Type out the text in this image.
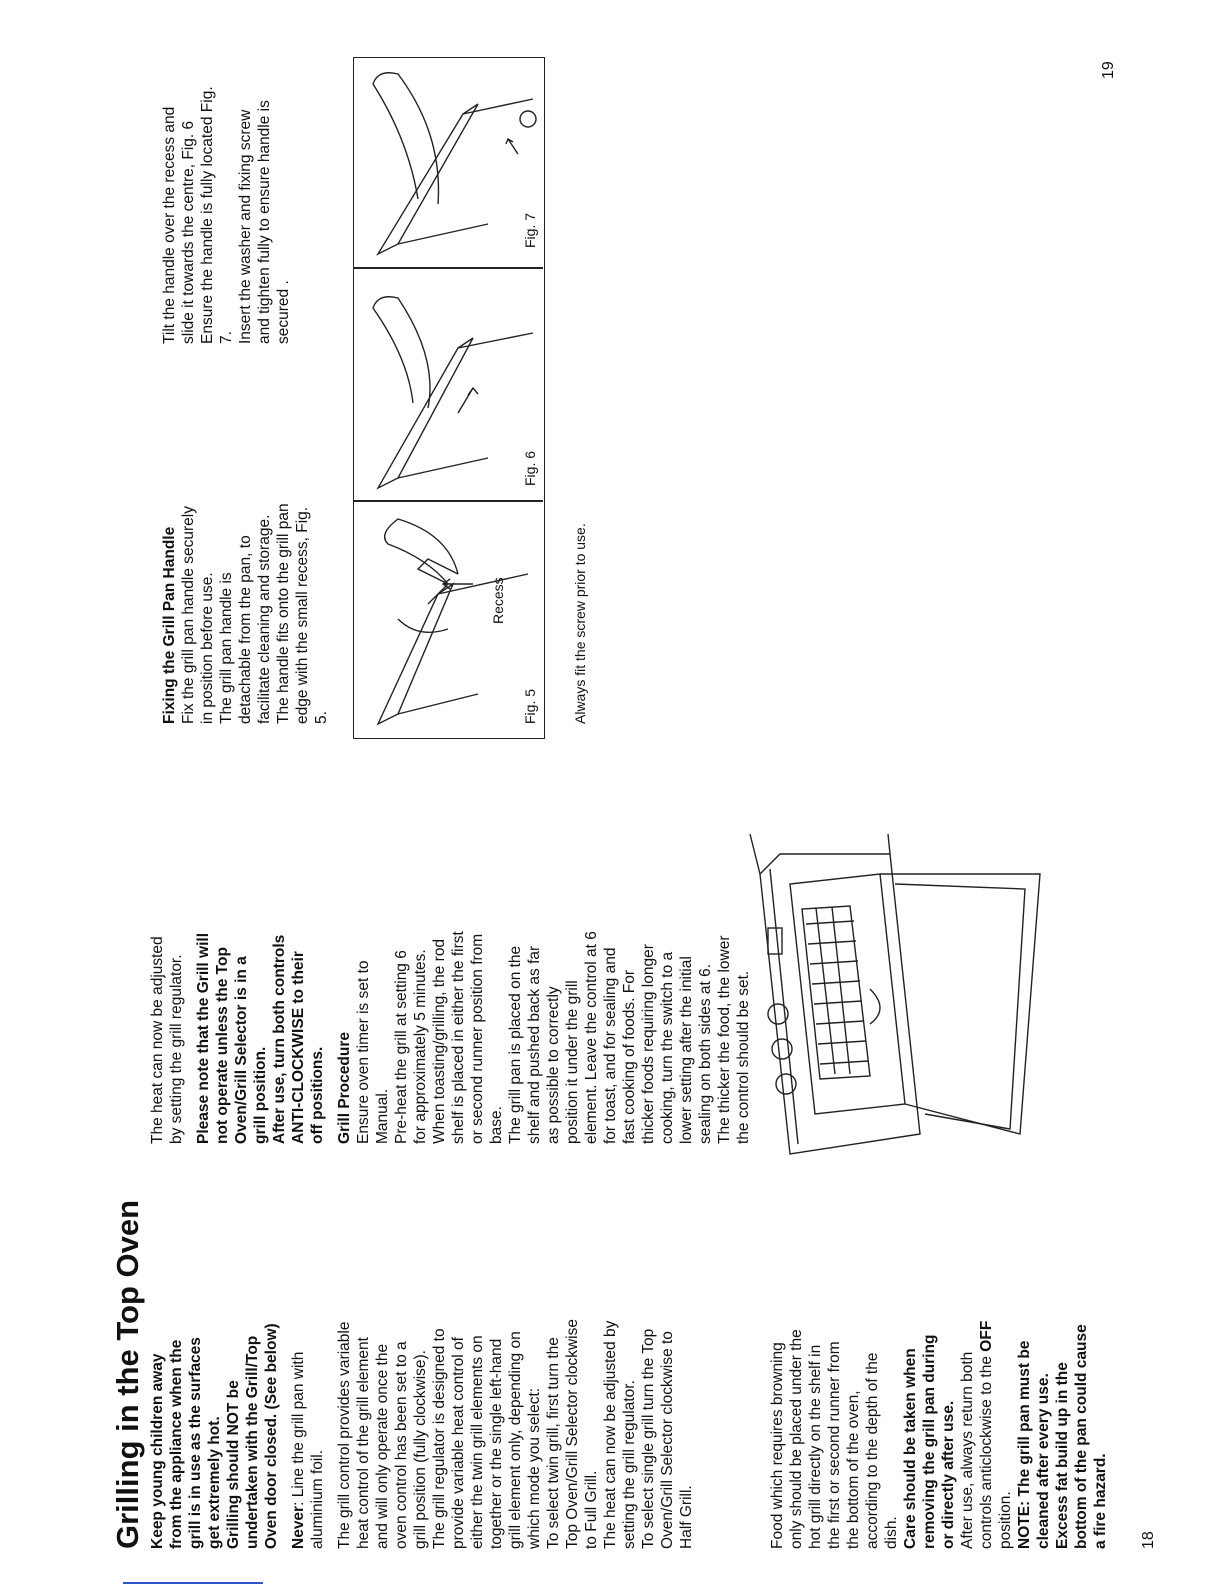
Grilling in the Top Oven Keep young children away from the appliance when the grill is in use as the surfaces get extremely hot. Grilling should NOT be undertaken with the Grill/Top Oven door closed. (See below) Never: Line the grill pan with aluminium foil. The grill control provides variable heat control of the grill element and will only operate once the oven control has been set to a grill position (fully clockwise). The grill regulator is designed to provide variable heat control of either the twin grill elements on together or the single left-hand grill element only, depending on which mode you select: To select twin grill, first turn the Top Oven/Grill Selector clockwise to Full Grill. The heat can now be adjusted by setting the grill regulator. To select single grill turn the Top Oven/Grill Selector clockwise to Half Grill.	Food which requires browning only should be placed under the hot grill directly on the shelf in the first or second runner from the bottom of the oven, according to the depth of the dish. Care should be taken when removing the grill pan during or directly after use. After use, always return both controls anticlockwise to the OFF position. NOTE: The grill pan must be cleaned after every use. Excess fat build up in the bottom of the pan could cause a fire hazard. 18

The heat can now be adjusted by setting the grill regulator. Please note that the Grill will not operate unless the Top Oven/Grill Selector is in a grill position. After use, turn both controls ANTI-CLOCKWISE to their off positions. Grill Procedure Ensure oven timer is set to Manual. Pre-heat the grill at setting 6 for approximately 5 minutes. When toasting/grilling, the rod shelf is placed in either the first or second runner position from base. The grill pan is placed on the shelf and pushed back as far as possible to correctly position it under the grill element. Leave the control at 6 for toast, and for sealing and fast cooking of foods. For thicker foods requiring longer cooking, turn the switch to a lower setting after the initial sealing on both sides at 6. The thicker the food, the lower the control should be set.

Fixing the Grill Pan Handle Fix the grill pan handle securely in position before use.
The grill pan handle is detachable from the pan, to facilitate cleaning and storage.
The handle fits onto the grill pan edge with the small recess, Fig. 5.

Tilt the handle over the recess and slide it towards the centre, Fig. 6
Ensure the handle is fully located Fig. 7.
Insert the washer and fixing screw and tighten fully to ensure handle is secured .

Fig. 5
Recess
Fig. 6
Fig. 7
Always fit the screw prior to use.
19
